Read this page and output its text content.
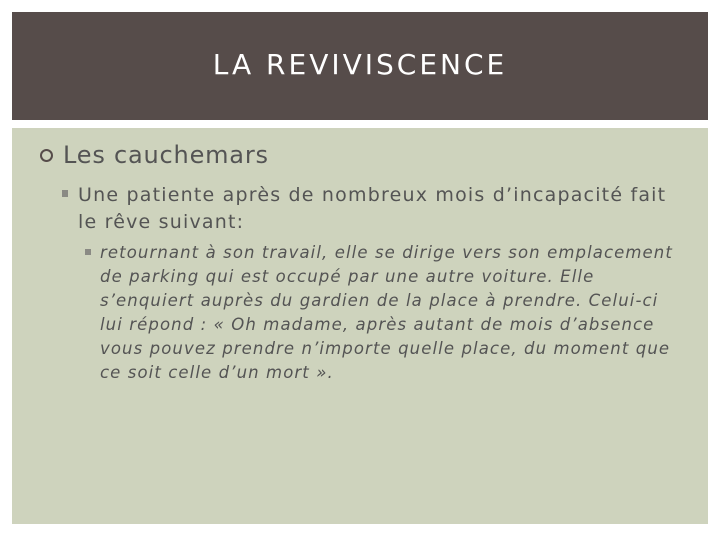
LA REVIVISCENCE
Les cauchemars
Une patiente après de nombreux mois d’incapacité fait le rêve suivant:
retournant à son travail, elle se dirige vers son emplacement de parking qui est occupé par une autre voiture. Elle s’enquiert auprès du gardien de la place à prendre. Celui-ci lui répond : « Oh madame, après autant de mois d’absence vous pouvez prendre n’importe quelle place, du moment que ce soit celle d’un mort ».
